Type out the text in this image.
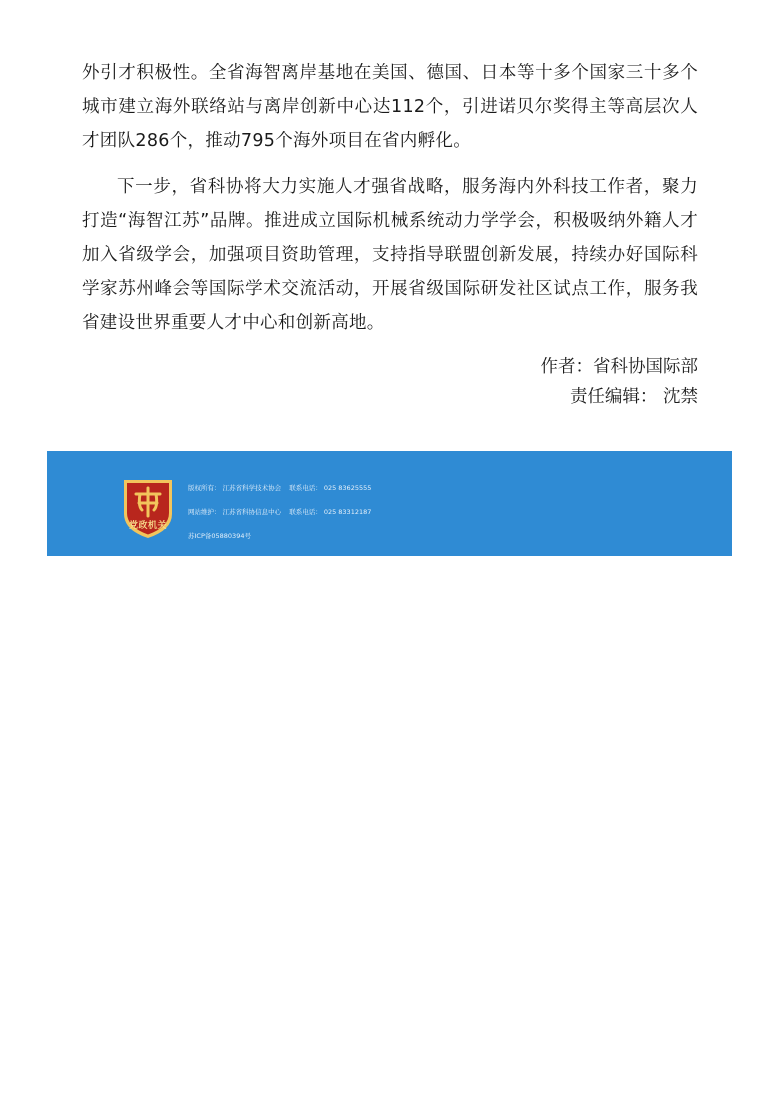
外引才积极性。全省海智离岸基地在美国、德国、日本等十多个国家三十多个城市建立海外联络站与离岸创新中心达112个，引进诺贝尔奖得主等高层次人才团队286个，推动795个海外项目在省内孵化。

下一步，省科协将大力实施人才强省战略，服务海内外科技工作者，聚力打造“海智江苏”品牌。推进成立国际机械系统动力学学会，积极吸纳外籍人才加入省级学会，加强项目资助管理，支持指导联盟创新发展，持续办好国际科学家苏州峰会等国际学术交流活动，开展省级国际研发社区试点工作，服务我省建设世界重要人才中心和创新高地。

作者：省科协国际部

责任编辑： 沈禁

党政机关
版权所有： 江苏省科学技术协会 联系电话： 025 83625555
网站维护： 江苏省科协信息中心 联系电话： 025 83312187
苏ICP备05880394号
